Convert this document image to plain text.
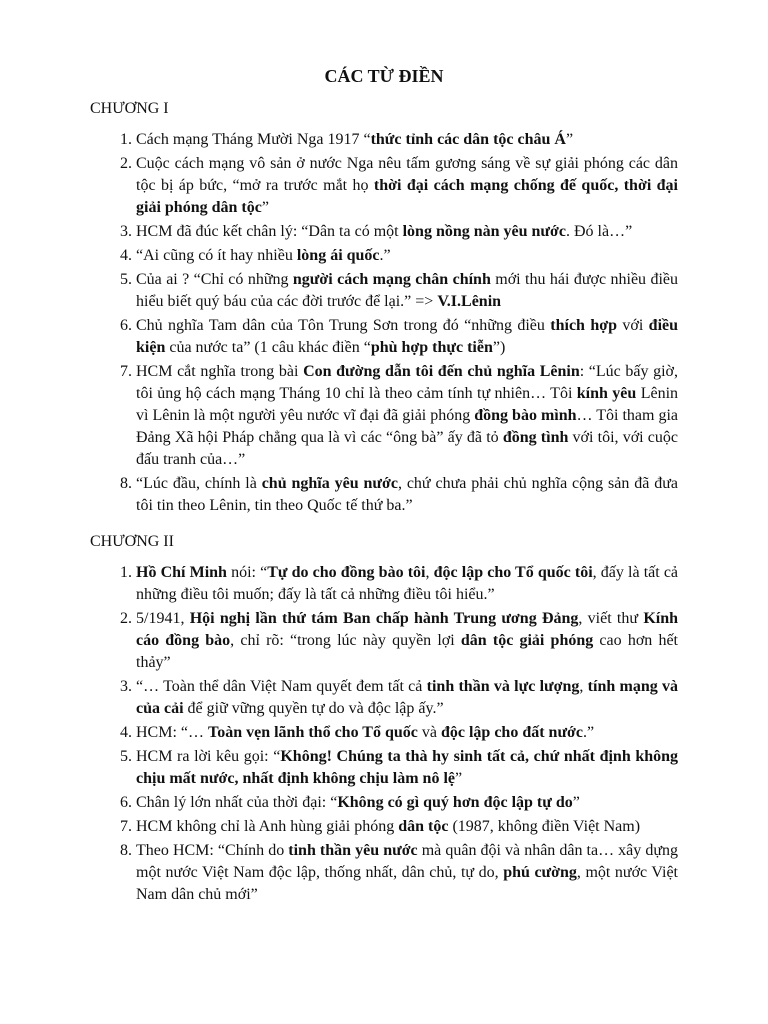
CÁC TỪ ĐIỀN
CHƯƠNG I
1. Cách mạng Tháng Mười Nga 1917 “thức tỉnh các dân tộc châu Á”
2. Cuộc cách mạng vô sản ở nước Nga nêu tấm gương sáng về sự giải phóng các dân tộc bị áp bức, “mở ra trước mắt họ thời đại cách mạng chống đế quốc, thời đại giải phóng dân tộc”
3. HCM đã đúc kết chân lý: “Dân ta có một lòng nồng nàn yêu nước. Đó là…”
4. “Ai cũng có ít hay nhiều lòng ái quốc.”
5. Của ai ? “Chỉ có những người cách mạng chân chính mới thu hái được nhiều điều hiểu biết quý báu của các đời trước để lại.” => V.I.Lênin
6. Chủ nghĩa Tam dân của Tôn Trung Sơn trong đó “những điều thích hợp với điều kiện của nước ta” (1 câu khác điền “phù hợp thực tiễn”)
7. HCM cắt nghĩa trong bài Con đường dẫn tôi đến chủ nghĩa Lênin: “Lúc bấy giờ, tôi ủng hộ cách mạng Tháng 10 chỉ là theo cảm tính tự nhiên… Tôi kính yêu Lênin vì Lênin là một người yêu nước vĩ đại đã giải phóng đồng bào mình… Tôi tham gia Đảng Xã hội Pháp chẳng qua là vì các “ông bà” ấy đã tỏ đồng tình với tôi, với cuộc đấu tranh của…”
8. “Lúc đầu, chính là chủ nghĩa yêu nước, chứ chưa phải chủ nghĩa cộng sản đã đưa tôi tin theo Lênin, tin theo Quốc tế thứ ba.”
CHƯƠNG II
1. Hồ Chí Minh nói: “Tự do cho đồng bào tôi, độc lập cho Tổ quốc tôi, đấy là tất cả những điều tôi muốn; đấy là tất cả những điều tôi hiểu.”
2. 5/1941, Hội nghị lần thứ tám Ban chấp hành Trung ương Đảng, viết thư Kính cáo đồng bào, chỉ rõ: “trong lúc này quyền lợi dân tộc giải phóng cao hơn hết thảy”
3. “… Toàn thể dân Việt Nam quyết đem tất cả tinh thần và lực lượng, tính mạng và của cải để giữ vững quyền tự do và độc lập ấy.”
4. HCM: “… Toàn vẹn lãnh thổ cho Tổ quốc và độc lập cho đất nước.”
5. HCM ra lời kêu gọi: “Không! Chúng ta thà hy sinh tất cả, chứ nhất định không chịu mất nước, nhất định không chịu làm nô lệ”
6. Chân lý lớn nhất của thời đại: “Không có gì quý hơn độc lập tự do”
7. HCM không chỉ là Anh hùng giải phóng dân tộc (1987, không điền Việt Nam)
8. Theo HCM: “Chính do tinh thần yêu nước mà quân đội và nhân dân ta… xây dựng một nước Việt Nam độc lập, thống nhất, dân chủ, tự do, phú cường, một nước Việt Nam dân chủ mới”
